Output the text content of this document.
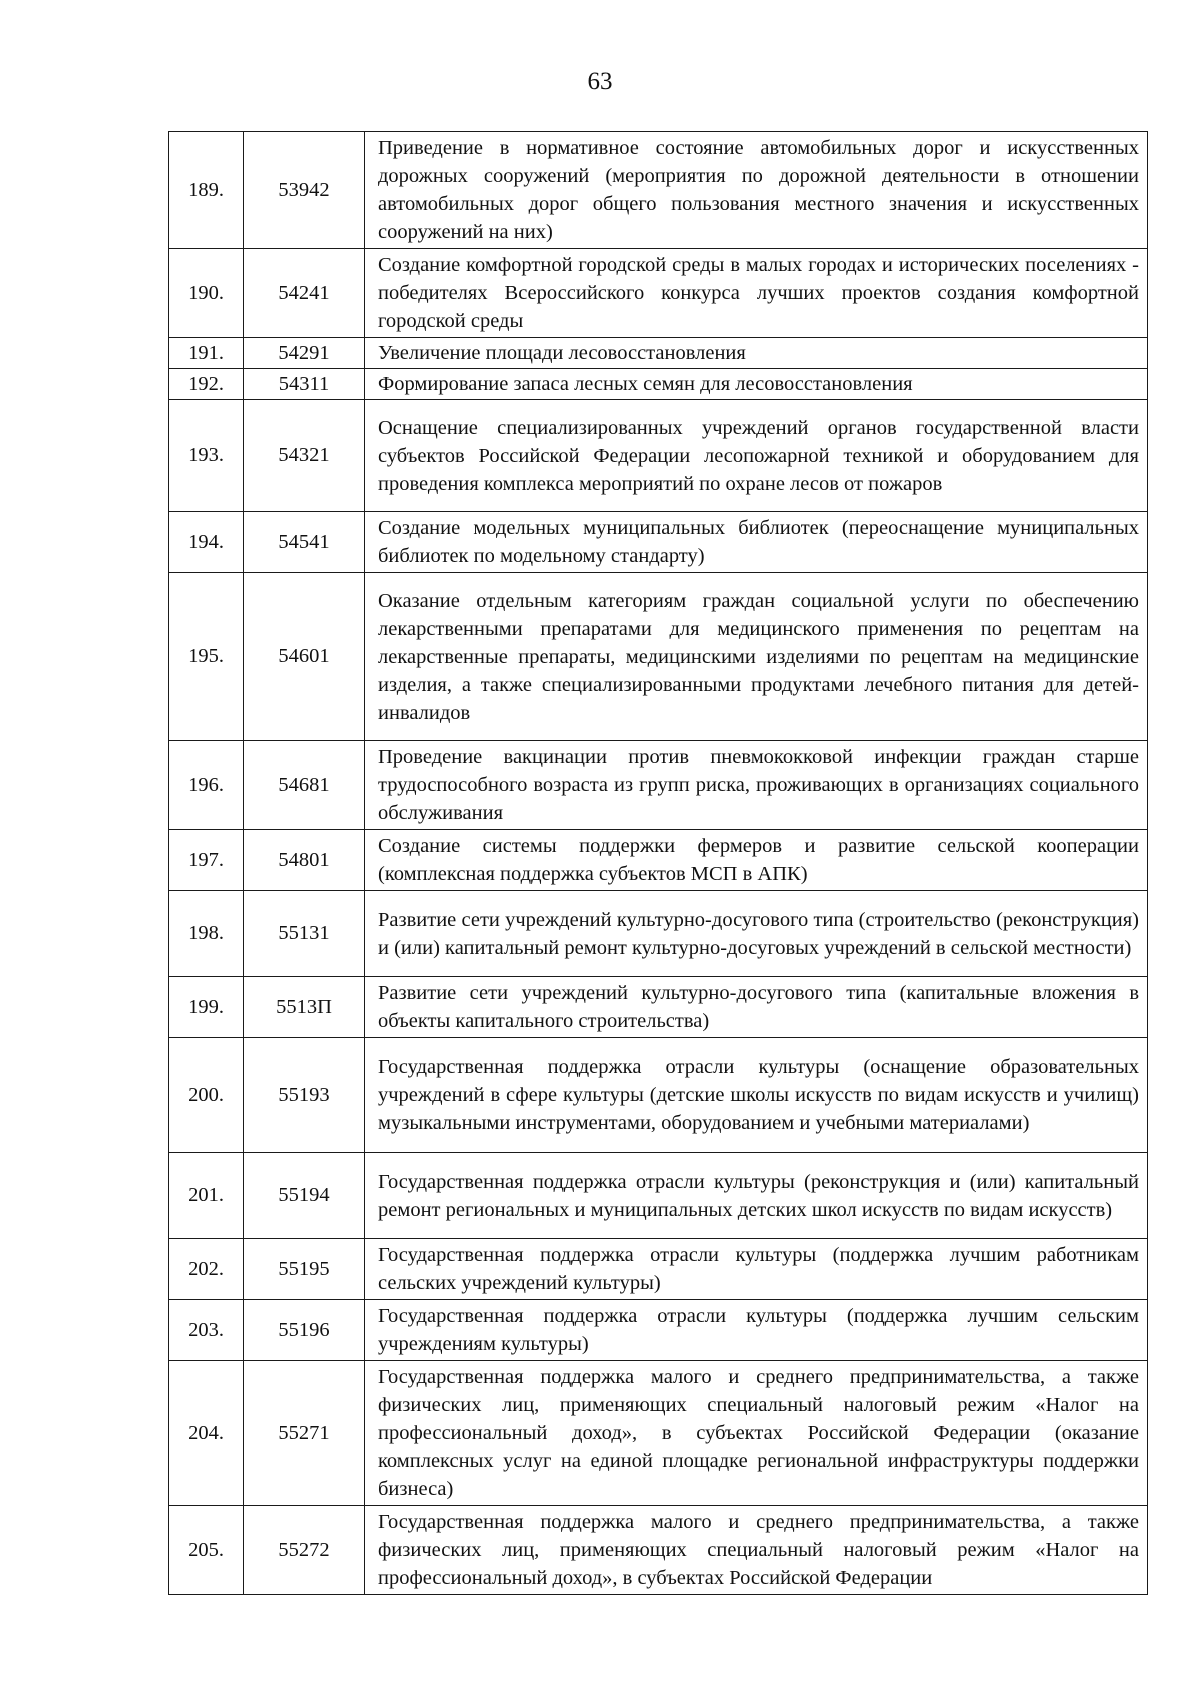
63
189.	53942	Приведение в нормативное состояние автомобильных дорог и искусственных дорожных сооружений (мероприятия по дорожной деятельности в отношении автомобильных дорог общего пользования местного значения и искусственных сооружений на них)
190.	54241	Создание комфортной городской среды в малых городах и исторических поселениях - победителях Всероссийского конкурса лучших проектов создания комфортной городской среды
191.	54291	Увеличение площади лесовосстановления
192.	54311	Формирование запаса лесных семян для лесовосстановления
193.	54321	Оснащение специализированных учреждений органов государственной власти субъектов Российской Федерации лесопожарной техникой и оборудованием для проведения комплекса мероприятий по охране лесов от пожаров
194.	54541	Создание модельных муниципальных библиотек (переоснащение муниципальных библиотек по модельному стандарту)
195.	54601	Оказание отдельным категориям граждан социальной услуги по обеспечению лекарственными препаратами для медицинского применения по рецептам на лекарственные препараты, медицинскими изделиями по рецептам на медицинские изделия, а также специализированными продуктами лечебного питания для детей-инвалидов
196.	54681	Проведение вакцинации против пневмококковой инфекции граждан старше трудоспособного возраста из групп риска, проживающих в организациях социального обслуживания
197.	54801	Создание системы поддержки фермеров и развитие сельской кооперации (комплексная поддержка субъектов МСП в АПК)
198.	55131	Развитие сети учреждений культурно-досугового типа (строительство (реконструкция) и (или) капитальный ремонт культурно-досуговых учреждений в сельской местности)
199.	5513П	Развитие сети учреждений культурно-досугового типа (капитальные вложения в объекты капитального строительства)
200.	55193	Государственная поддержка отрасли культуры (оснащение образовательных учреждений в сфере культуры (детские школы искусств по видам искусств и училищ) музыкальными инструментами, оборудованием и учебными материалами)
201.	55194	Государственная поддержка отрасли культуры (реконструкция и (или) капитальный ремонт региональных и муниципальных детских школ искусств по видам искусств)
202.	55195	Государственная поддержка отрасли культуры (поддержка лучшим работникам сельских учреждений культуры)
203.	55196	Государственная поддержка отрасли культуры (поддержка лучшим сельским учреждениям культуры)
204.	55271	Государственная поддержка малого и среднего предпринимательства, а также физических лиц, применяющих специальный налоговый режим «Налог на профессиональный доход», в субъектах Российской Федерации (оказание комплексных услуг на единой площадке региональной инфраструктуры поддержки бизнеса)
205.	55272	Государственная поддержка малого и среднего предпринимательства, а также физических лиц, применяющих специальный налоговый режим «Налог на профессиональный доход», в субъектах Российской Федерации
